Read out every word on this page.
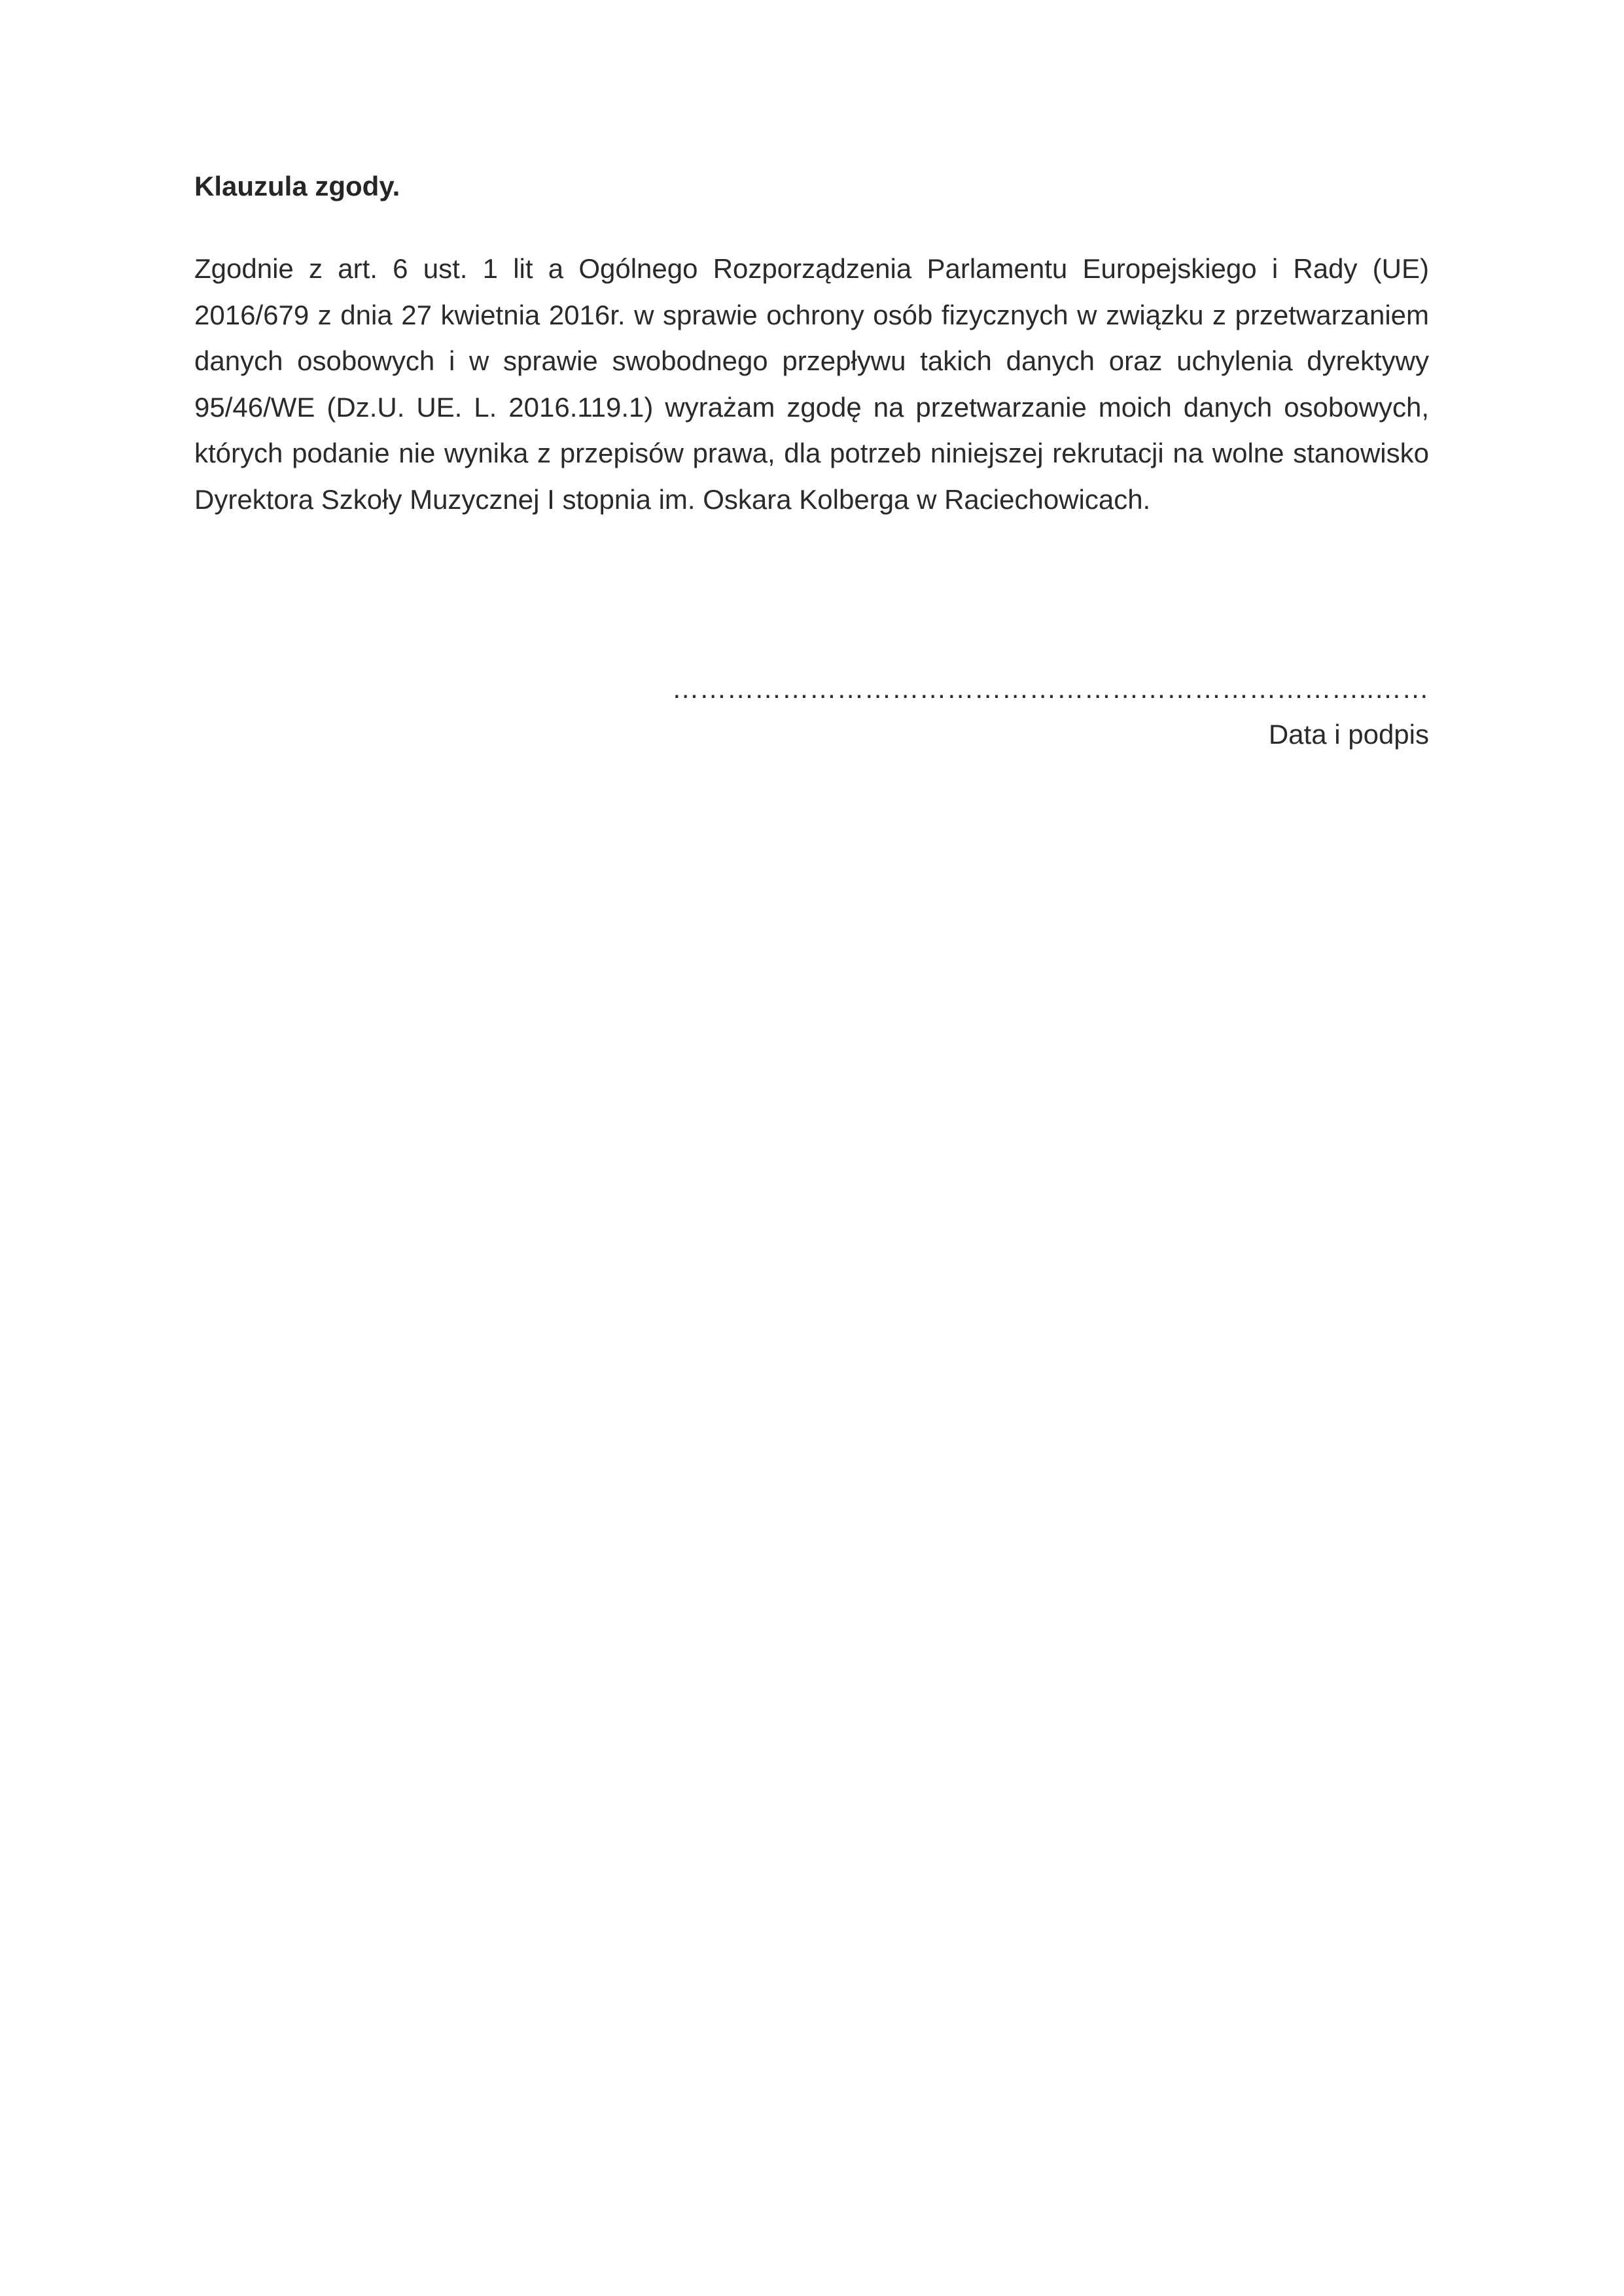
Klauzula zgody.

Zgodnie z art. 6 ust. 1 lit a Ogólnego Rozporządzenia Parlamentu Europejskiego i Rady (UE) 2016/679 z dnia 27 kwietnia 2016r. w sprawie ochrony osób fizycznych w związku z przetwarzaniem danych osobowych i w sprawie swobodnego przepływu takich danych oraz uchylenia dyrektywy 95/46/WE (Dz.U. UE. L. 2016.119.1) wyrażam zgodę na przetwarzanie moich danych osobowych, których podanie nie wynika z przepisów prawa, dla potrzeb niniejszej rekrutacji na wolne stanowisko Dyrektora Szkoły Muzycznej I stopnia im. Oskara Kolberga w Raciechowicach.

…………………………………………………………………..……
Data i podpis
